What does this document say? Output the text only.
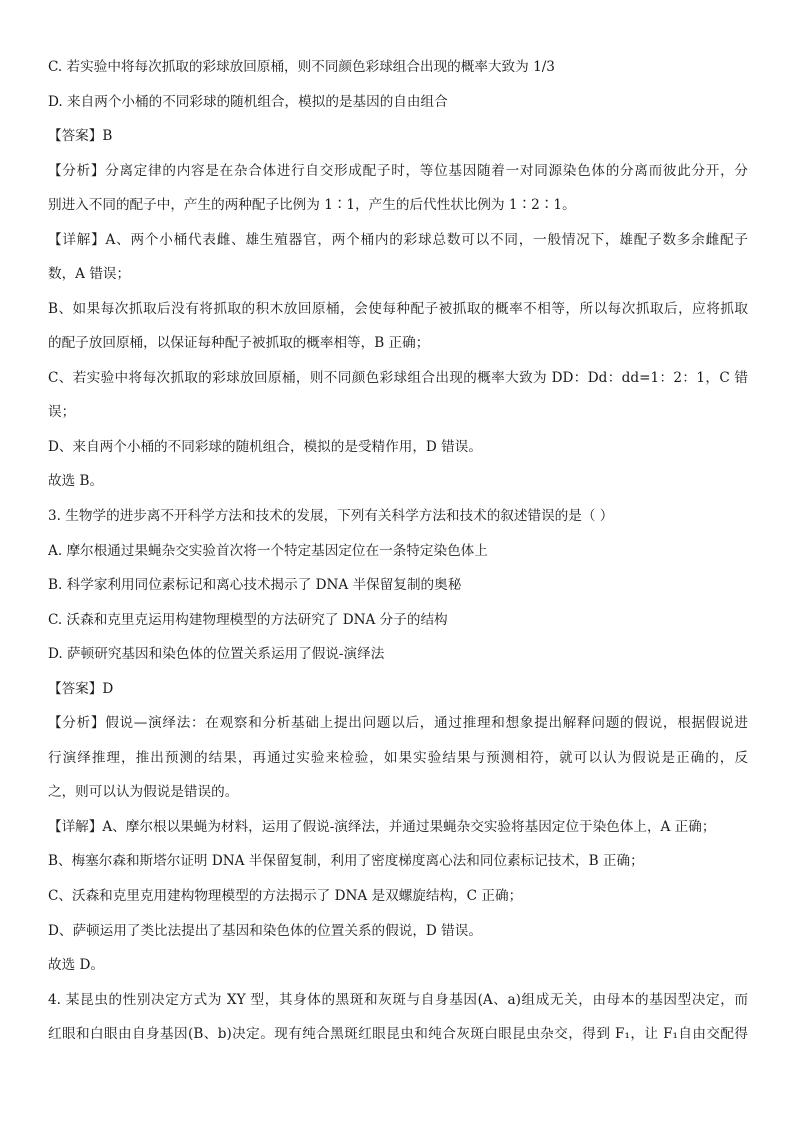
C. 若实验中将每次抓取的彩球放回原桶，则不同颜色彩球组合出现的概率大致为 1/3
D. 来自两个小桶的不同彩球的随机组合，模拟的是基因的自由组合
【答案】B
【分析】分离定律的内容是在杂合体进行自交形成配子时，等位基因随着一对同源染色体的分离而彼此分开，分
别进入不同的配子中，产生的两种配子比例为 1∶1，产生的后代性状比例为 1∶2∶1。
【详解】A、两个小桶代表雌、雄生殖器官，两个桶内的彩球总数可以不同，一般情况下，雄配子数多余雌配子
数，A 错误；
B、如果每次抓取后没有将抓取的积木放回原桶，会使每种配子被抓取的概率不相等，所以每次抓取后，应将抓取
的配子放回原桶，以保证每种配子被抓取的概率相等，B 正确；
C、若实验中将每次抓取的彩球放回原桶，则不同颜色彩球组合出现的概率大致为 DD：Dd：dd=1：2：1，C 错
误；
D、来自两个小桶的不同彩球的随机组合，模拟的是受精作用，D 错误。
故选 B。
3. 生物学的进步离不开科学方法和技术的发展，下列有关科学方法和技术的叙述错误的是（ ）
A. 摩尔根通过果蝇杂交实验首次将一个特定基因定位在一条特定染色体上
B. 科学家利用同位素标记和离心技术揭示了 DNA 半保留复制的奥秘
C. 沃森和克里克运用构建物理模型的方法研究了 DNA 分子的结构
D. 萨顿研究基因和染色体的位置关系运用了假说-演绎法
【答案】D
【分析】假说—演绎法：在观察和分析基础上提出问题以后，通过推理和想象提出解释问题的假说，根据假说进
行演绎推理，推出预测的结果，再通过实验来检验，如果实验结果与预测相符，就可以认为假说是正确的，反
之，则可以认为假说是错误的。
【详解】A、摩尔根以果蝇为材料，运用了假说-演绎法，并通过果蝇杂交实验将基因定位于染色体上，A 正确；
B、梅塞尔森和斯塔尔证明 DNA 半保留复制，利用了密度梯度离心法和同位素标记技术，B 正确；
C、沃森和克里克用建构物理模型的方法揭示了 DNA 是双螺旋结构，C 正确；
D、萨顿运用了类比法提出了基因和染色体的位置关系的假说，D 错误。
故选 D。
4. 某昆虫的性别决定方式为 XY 型，其身体的黑斑和灰斑与自身基因(A、a)组成无关，由母本的基因型决定，而
红眼和白眼由自身基因(B、b)决定。现有纯合黑斑红眼昆虫和纯合灰斑白眼昆虫杂交，得到 F₁，让 F₁自由交配得
